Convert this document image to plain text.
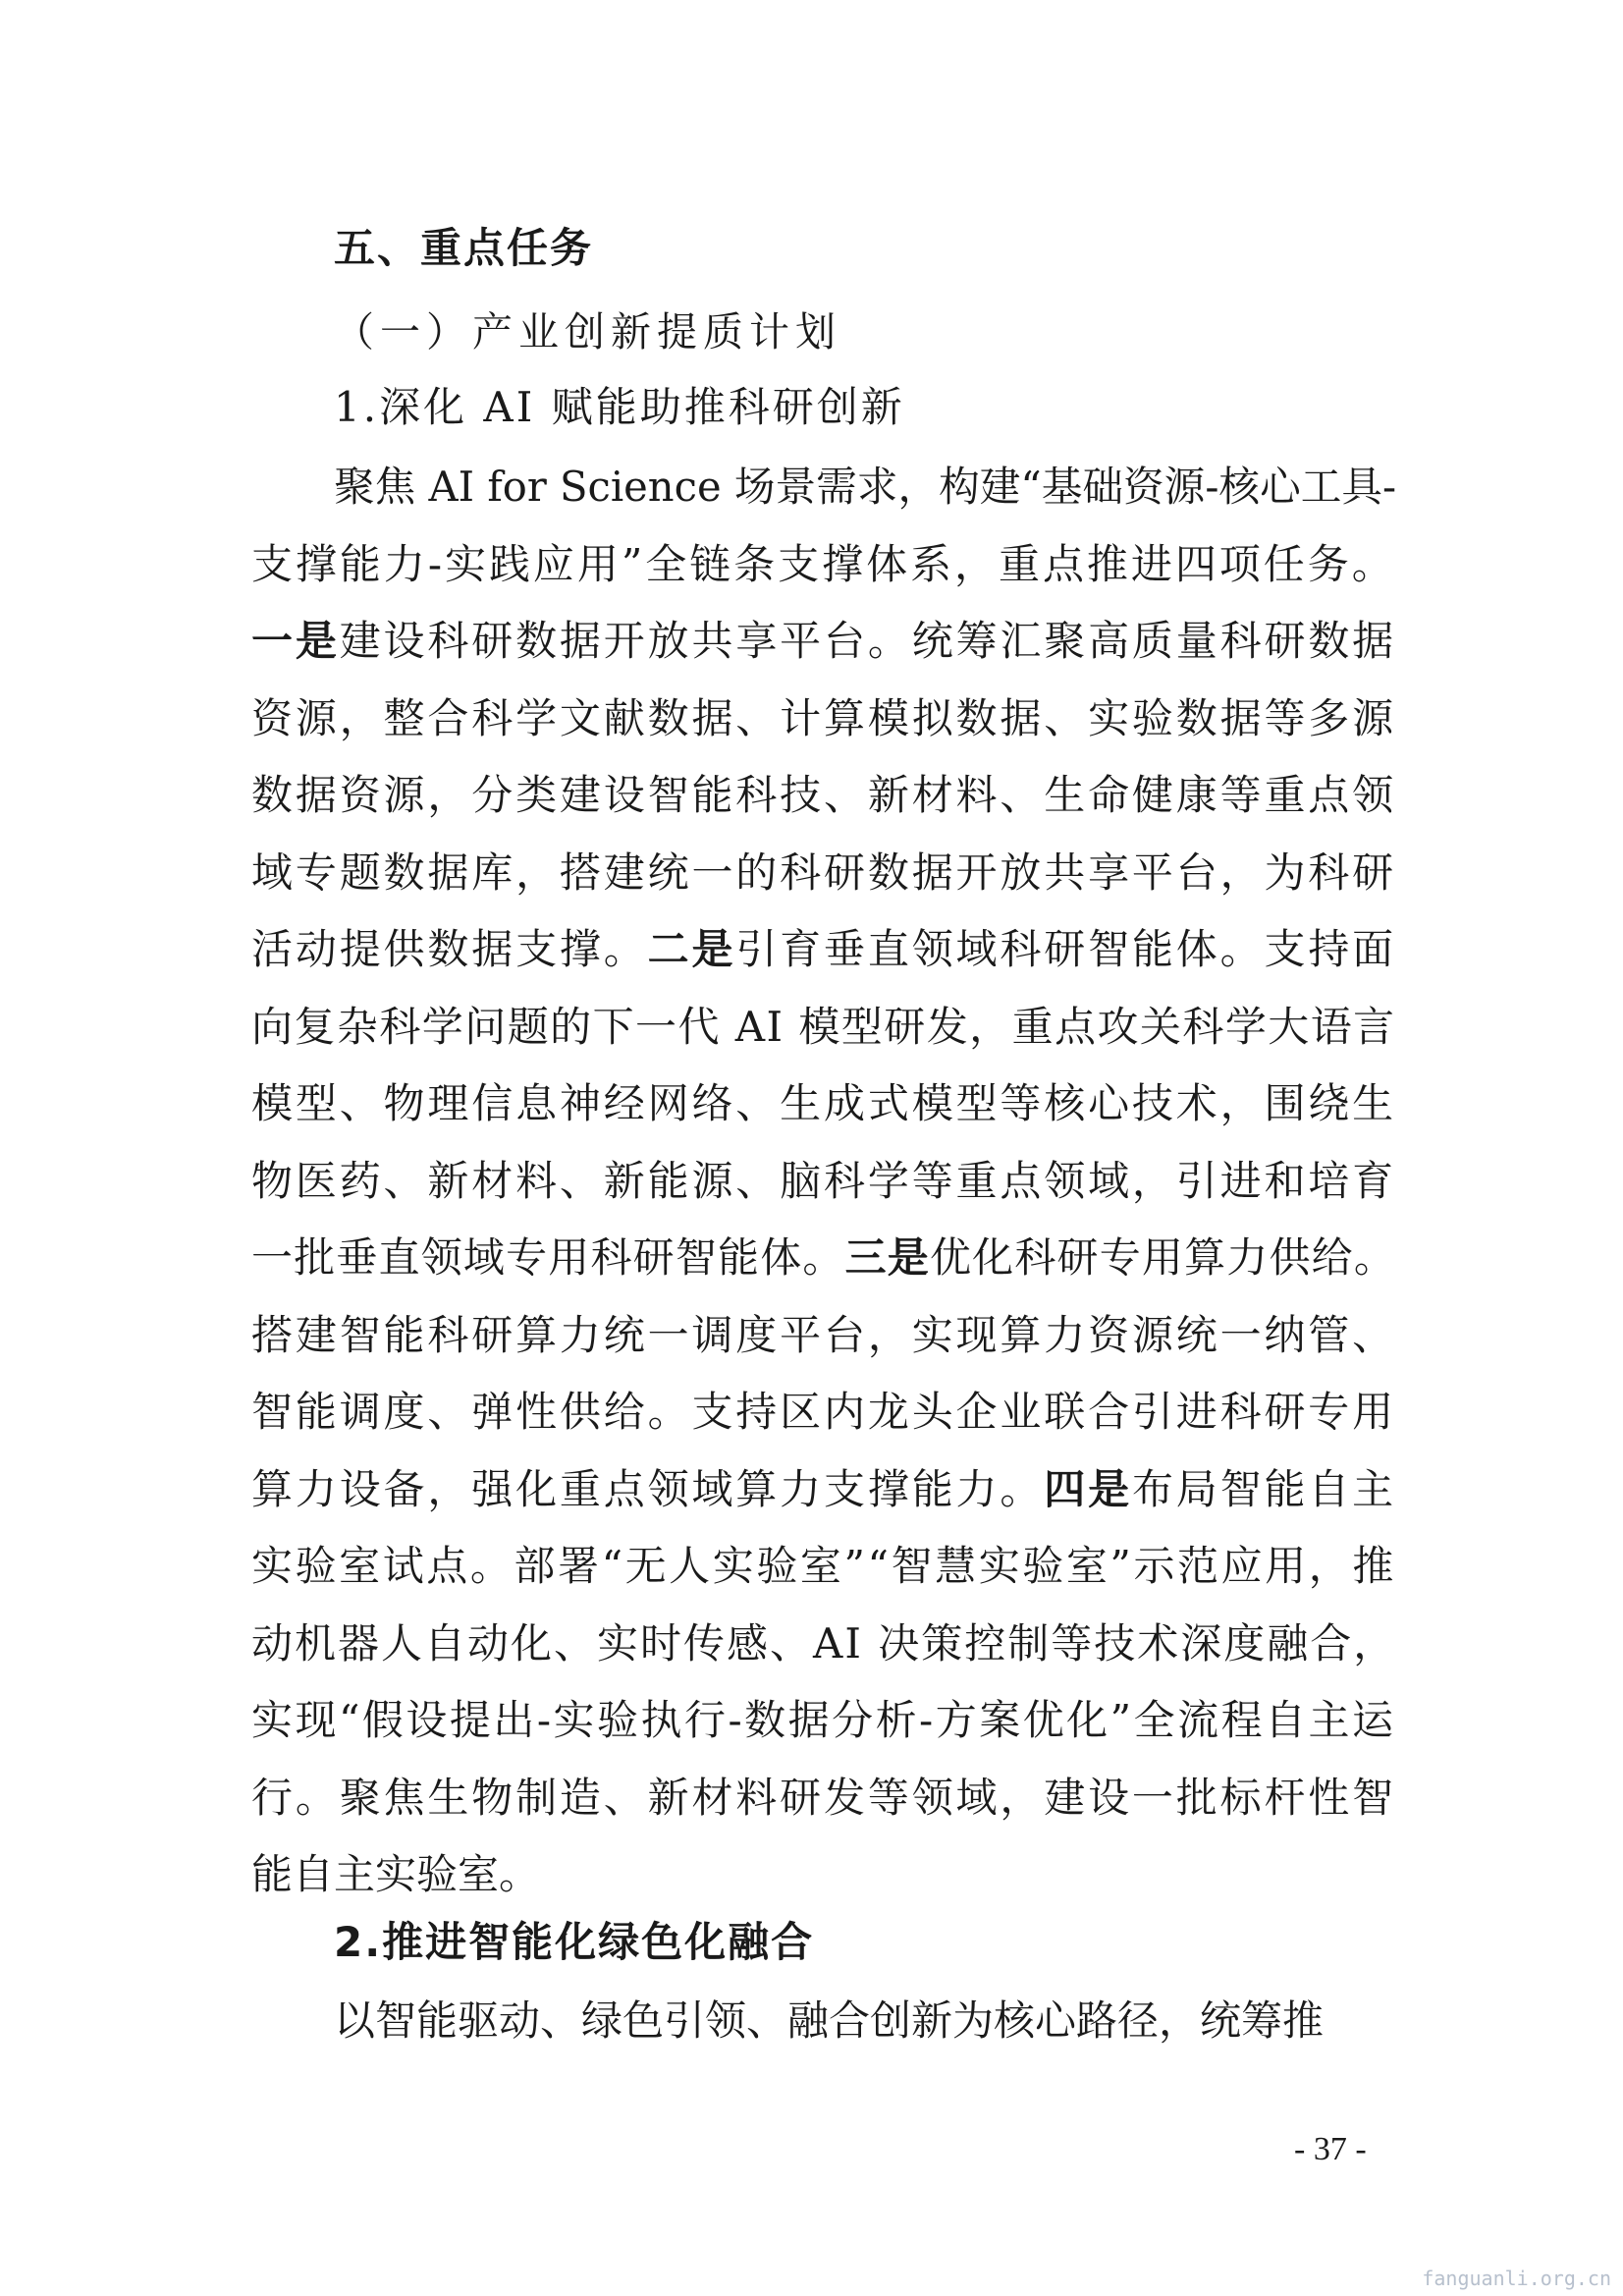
五、重点任务
（一）产业创新提质计划
1.深化 AI 赋能助推科研创新
聚焦 AI for Science 场景需求，构建“基础资源-核心工具-
支撑能力-实践应用”全链条支撑体系，重点推进四项任务。
一是建设科研数据开放共享平台。统筹汇聚高质量科研数据
资源，整合科学文献数据、计算模拟数据、实验数据等多源
数据资源，分类建设智能科技、新材料、生命健康等重点领
域专题数据库，搭建统一的科研数据开放共享平台，为科研
活动提供数据支撑。二是引育垂直领域科研智能体。支持面
向复杂科学问题的下一代 AI 模型研发，重点攻关科学大语言
模型、物理信息神经网络、生成式模型等核心技术，围绕生
物医药、新材料、新能源、脑科学等重点领域，引进和培育
一批垂直领域专用科研智能体。三是优化科研专用算力供给。
搭建智能科研算力统一调度平台，实现算力资源统一纳管、
智能调度、弹性供给。支持区内龙头企业联合引进科研专用
算力设备，强化重点领域算力支撑能力。四是布局智能自主
实验室试点。部署“无人实验室”“智慧实验室”示范应用，推
动机器人自动化、实时传感、AI 决策控制等技术深度融合，
实现“假设提出-实验执行-数据分析-方案优化”全流程自主运
行。聚焦生物制造、新材料研发等领域，建设一批标杆性智
能自主实验室。
2.推进智能化绿色化融合
以智能驱动、绿色引领、融合创新为核心路径，统筹推
- 37 -
fanguanli.org.cn
